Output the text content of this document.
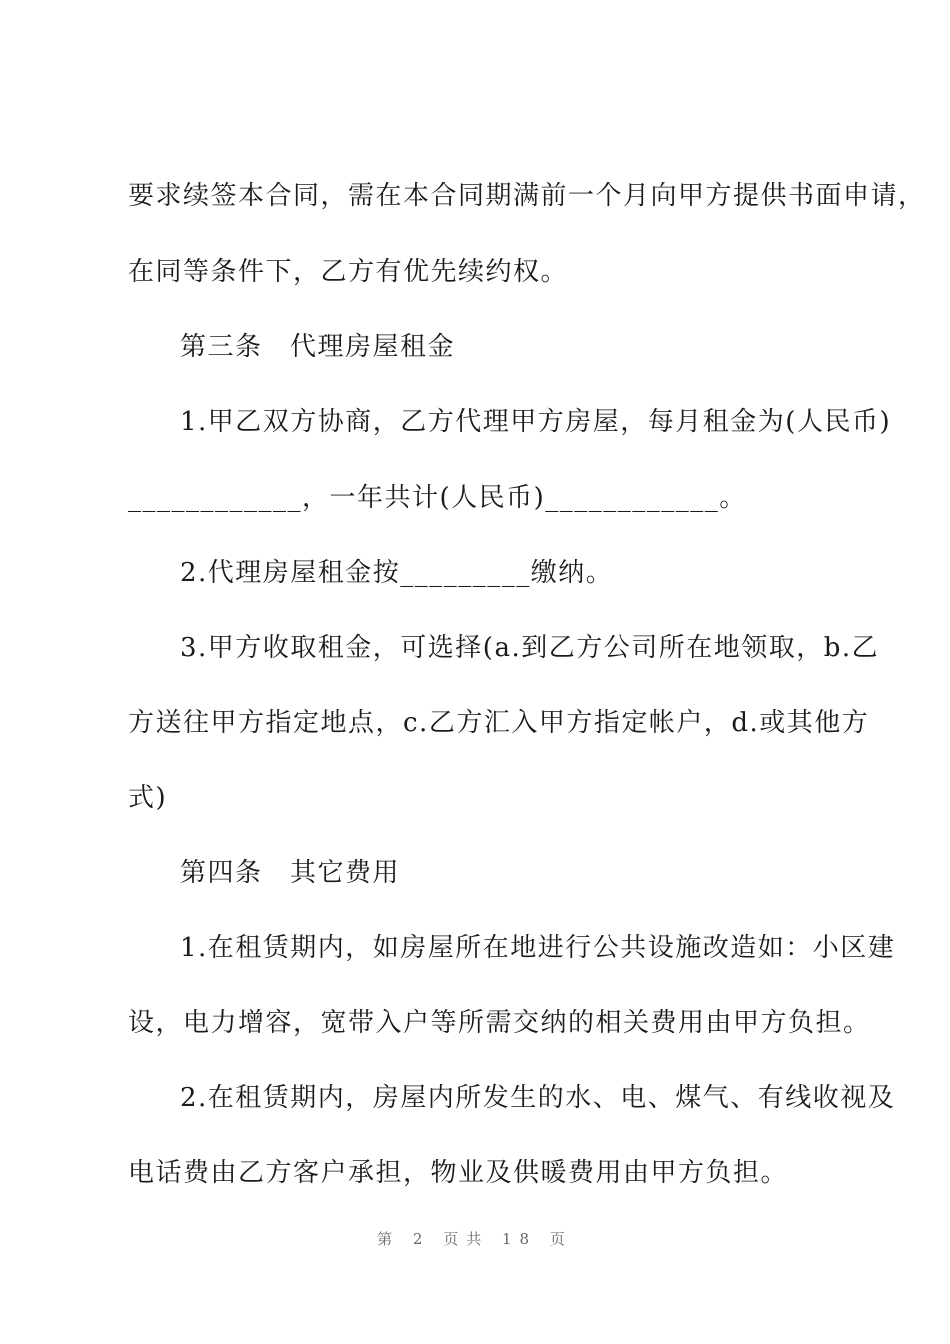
要求续签本合同，需在本合同期满前一个月向甲方提供书面申请，
在同等条件下，乙方有优先续约权。
第三条　代理房屋租金
1.甲乙双方协商，乙方代理甲方房屋，每月租金为(人民币)
____________，一年共计(人民币)____________。
2.代理房屋租金按_________缴纳。
3.甲方收取租金，可选择(a.到乙方公司所在地领取，b.乙
方送往甲方指定地点，c.乙方汇入甲方指定帐户，d.或其他方
式)
第四条　其它费用
1.在租赁期内，如房屋所在地进行公共设施改造如：小区建
设，电力增容，宽带入户等所需交纳的相关费用由甲方负担。
2.在租赁期内，房屋内所发生的水、电、煤气、有线收视及
电话费由乙方客户承担，物业及供暖费用由甲方负担。
第 2 页共 18 页
